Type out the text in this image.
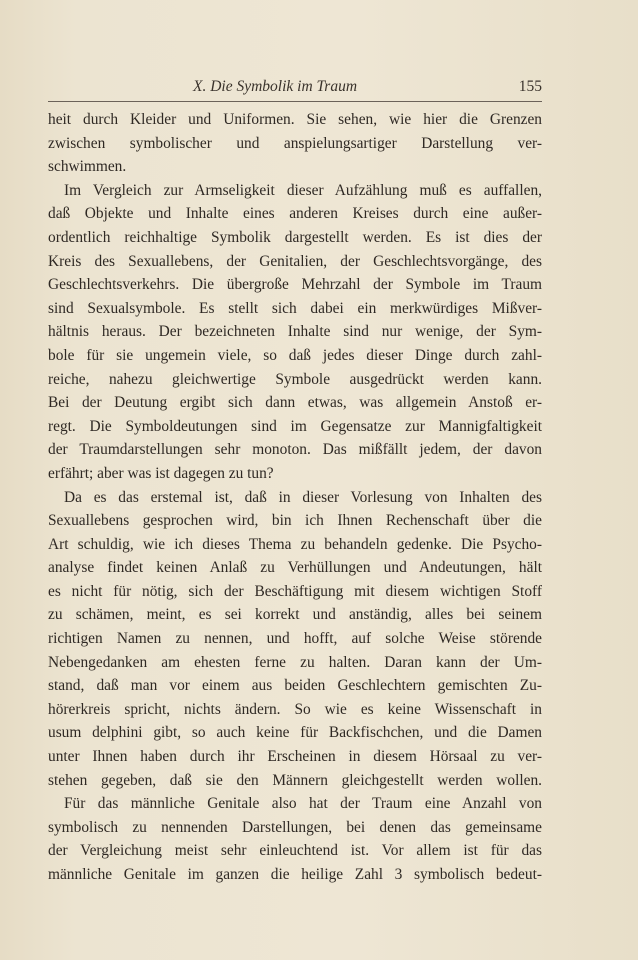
X. Die Symbolik im Traum	155
heit durch Kleider und Uniformen. Sie sehen, wie hier die Grenzen
zwischen symbolischer und anspielungsartiger Darstellung ver-
schwimmen.
Im Vergleich zur Armseligkeit dieser Aufzählung muß es auffallen,
daß Objekte und Inhalte eines anderen Kreises durch eine außer-
ordentlich reichhaltige Symbolik dargestellt werden. Es ist dies der
Kreis des Sexuallebens, der Genitalien, der Geschlechtsvorgänge, des
Geschlechtsverkehrs. Die übergroße Mehrzahl der Symbole im Traum
sind Sexualsymbole. Es stellt sich dabei ein merkwürdiges Mißver-
hältnis heraus. Der bezeichneten Inhalte sind nur wenige, der Sym-
bole für sie ungemein viele, so daß jedes dieser Dinge durch zahl-
reiche, nahezu gleichwertige Symbole ausgedrückt werden kann.
Bei der Deutung ergibt sich dann etwas, was allgemein Anstoß er-
regt. Die Symboldeutungen sind im Gegensatze zur Mannigfaltigkeit
der Traumdarstellungen sehr monoton. Das mißfällt jedem, der davon
erfährt; aber was ist dagegen zu tun?
Da es das erstemal ist, daß in dieser Vorlesung von Inhalten des
Sexuallebens gesprochen wird, bin ich Ihnen Rechenschaft über die
Art schuldig, wie ich dieses Thema zu behandeln gedenke. Die Psycho-
analyse findet keinen Anlaß zu Verhüllungen und Andeutungen, hält
es nicht für nötig, sich der Beschäftigung mit diesem wichtigen Stoff
zu schämen, meint, es sei korrekt und anständig, alles bei seinem
richtigen Namen zu nennen, und hofft, auf solche Weise störende
Nebengedanken am ehesten ferne zu halten. Daran kann der Um-
stand, daß man vor einem aus beiden Geschlechtern gemischten Zu-
hörerkreis spricht, nichts ändern. So wie es keine Wissenschaft in
usum delphini gibt, so auch keine für Backfischchen, und die Damen
unter Ihnen haben durch ihr Erscheinen in diesem Hörsaal zu ver-
stehen gegeben, daß sie den Männern gleichgestellt werden wollen.
Für das männliche Genitale also hat der Traum eine Anzahl von
symbolisch zu nennenden Darstellungen, bei denen das gemeinsame
der Vergleichung meist sehr einleuchtend ist. Vor allem ist für das
männliche Genitale im ganzen die heilige Zahl 3 symbolisch bedeut-
